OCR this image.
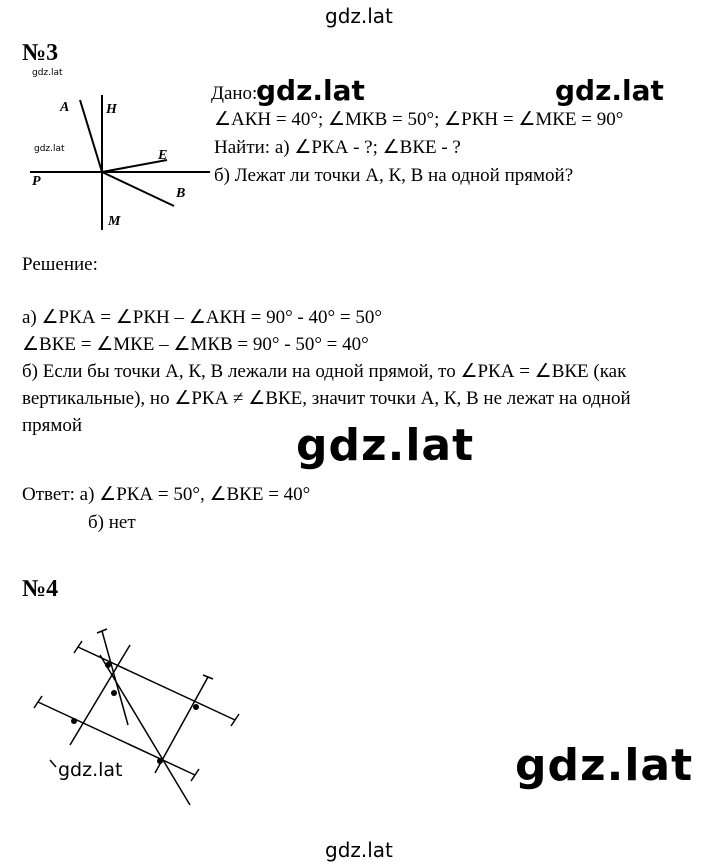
gdz.lat
gdz.lat
№3
gdz.lat
gdz.lat
A	H
E
P
B
M
Дано:
gdz.lat	gdz.lat
∠АКН = 40°; ∠МКВ = 50°; ∠РКН = ∠МКЕ = 90°
Найти: а) ∠РКА - ?; ∠ВКЕ - ?
б) Лежат ли точки А, К, В на одной прямой?
Решение:
а) ∠РКА = ∠РКН – ∠АКН = 90° - 40° = 50°
∠ВКЕ = ∠МКЕ – ∠МКВ = 90° - 50° = 40°
б) Если бы точки А, К, В лежали на одной прямой, то ∠РКА = ∠ВКЕ (как
вертикальные), но ∠РКА ≠ ∠ВКЕ, значит точки А, К, В не лежат на одной
прямой	gdz.lat
Ответ: а) ∠РКА = 50°, ∠ВКЕ = 40°
б) нет
№4
gdz.lat	gdz.lat
